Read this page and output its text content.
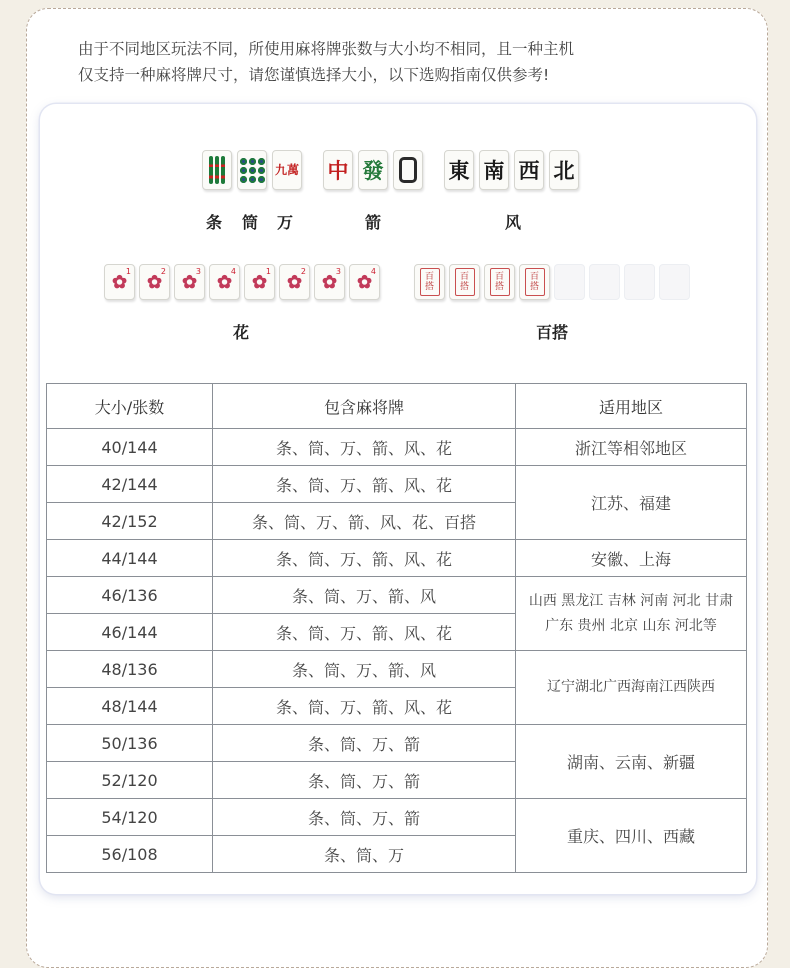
由于不同地区玩法不同，所使用麻将牌张数与大小均不相同，且一种主机
仅支持一种麻将牌尺寸，请您谨慎选择大小，以下选购指南仅供参考!

九萬 中 發	東 南 西 北
条 筒 万	箭	风
✿
1 ✿
2 ✿
3 ✿
4 ✿
1 ✿
2 ✿
3 ✿
4
百
搭
百
搭
百
搭
百
搭
花	百搭
大小/张数	包含麻将牌	适用地区
40/144	条、筒、万、箭、风、花	浙江等相邻地区
42/144	条、筒、万、箭、风、花	江苏、福建
42/152	条、筒、万、箭、风、花、百搭	
44/144	条、筒、万、箭、风、花	安徽、上海
46/136	条、筒、万、箭、风	山西 黑龙江 吉林 河南 河北 甘肃
广东 贵州 北京 山东 河北等
46/144	条、筒、万、箭、风、花	
48/136	条、筒、万、箭、风	辽宁湖北广西海南江西陕西
48/144	条、筒、万、箭、风、花	
50/136	条、筒、万、箭	湖南、云南、新疆
52/120	条、筒、万、箭	
54/120	条、筒、万、箭	重庆、四川、西藏
56/108	条、筒、万	
